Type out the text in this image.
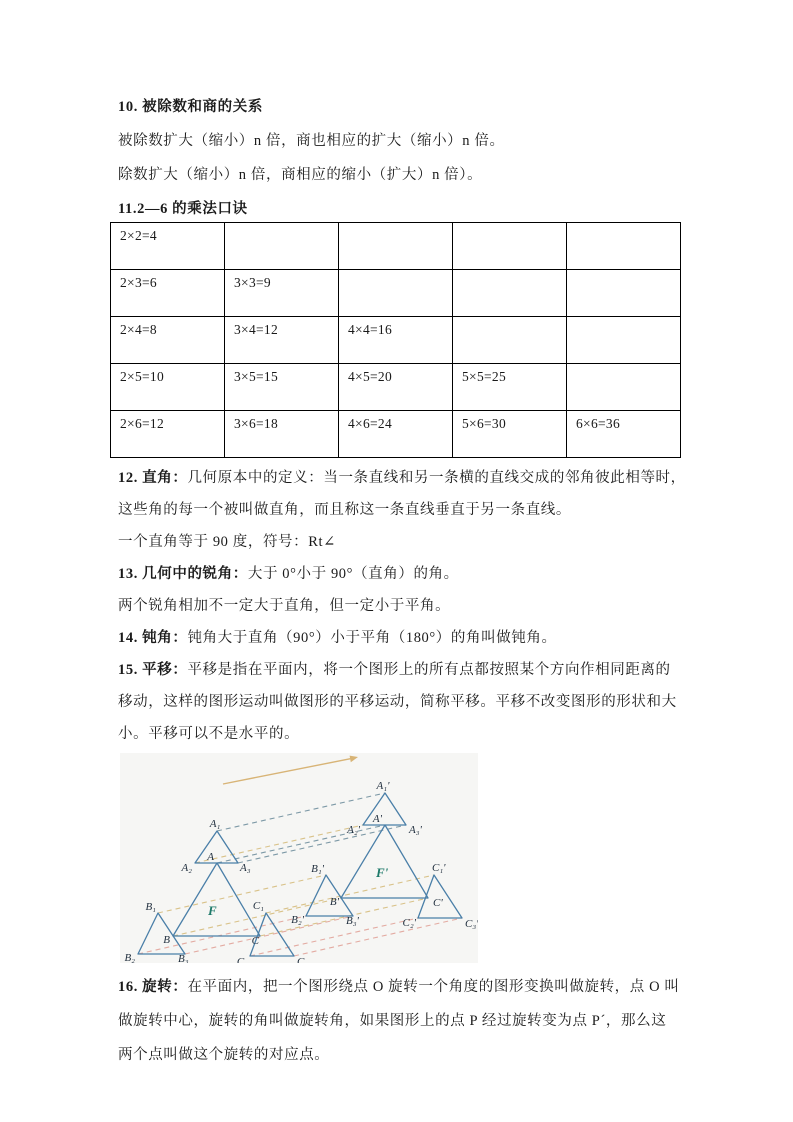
10. 被除数和商的关系
被除数扩大（缩小）n 倍，商也相应的扩大（缩小）n 倍。
除数扩大（缩小）n 倍，商相应的缩小（扩大）n 倍）。
11.2—6 的乘法口诀
2×2=4				
2×3=6	3×3=9			
2×4=8	3×4=12	4×4=16		
2×5=10	3×5=15	4×5=20	5×5=25	
2×6=12	3×6=18	4×6=24	5×6=30	6×6=36
12. 直角：几何原本中的定义：当一条直线和另一条横的直线交成的邻角彼此相等时，
这些角的每一个被叫做直角，而且称这一条直线垂直于另一条直线。
一个直角等于 90 度，符号：Rt∠
13. 几何中的锐角：大于 0°小于 90°（直角）的角。
两个锐角相加不一定大于直角，但一定小于平角。
14. 钝角：钝角大于直角（90°）小于平角（180°）的角叫做钝角。
15. 平移：平移是指在平面内，将一个图形上的所有点都按照某个方向作相同距离的
移动，这样的图形运动叫做图形的平移运动，简称平移。平移不改变图形的形状和大
小。平移可以不是水平的。
A₁
A₂
A
A₃
F
B₁
B
B₂	B₃
C₁
C
C₂	C₃
A₁'
A₂'
A'
A₃'
F'
B₁'
B'
B₂'	B₃'
C₁'
C'
C₂'	C₃'
16. 旋转：在平面内，把一个图形绕点 O 旋转一个角度的图形变换叫做旋转，点 O 叫
做旋转中心，旋转的角叫做旋转角，如果图形上的点 P 经过旋转变为点 P´，那么这
两个点叫做这个旋转的对应点。
